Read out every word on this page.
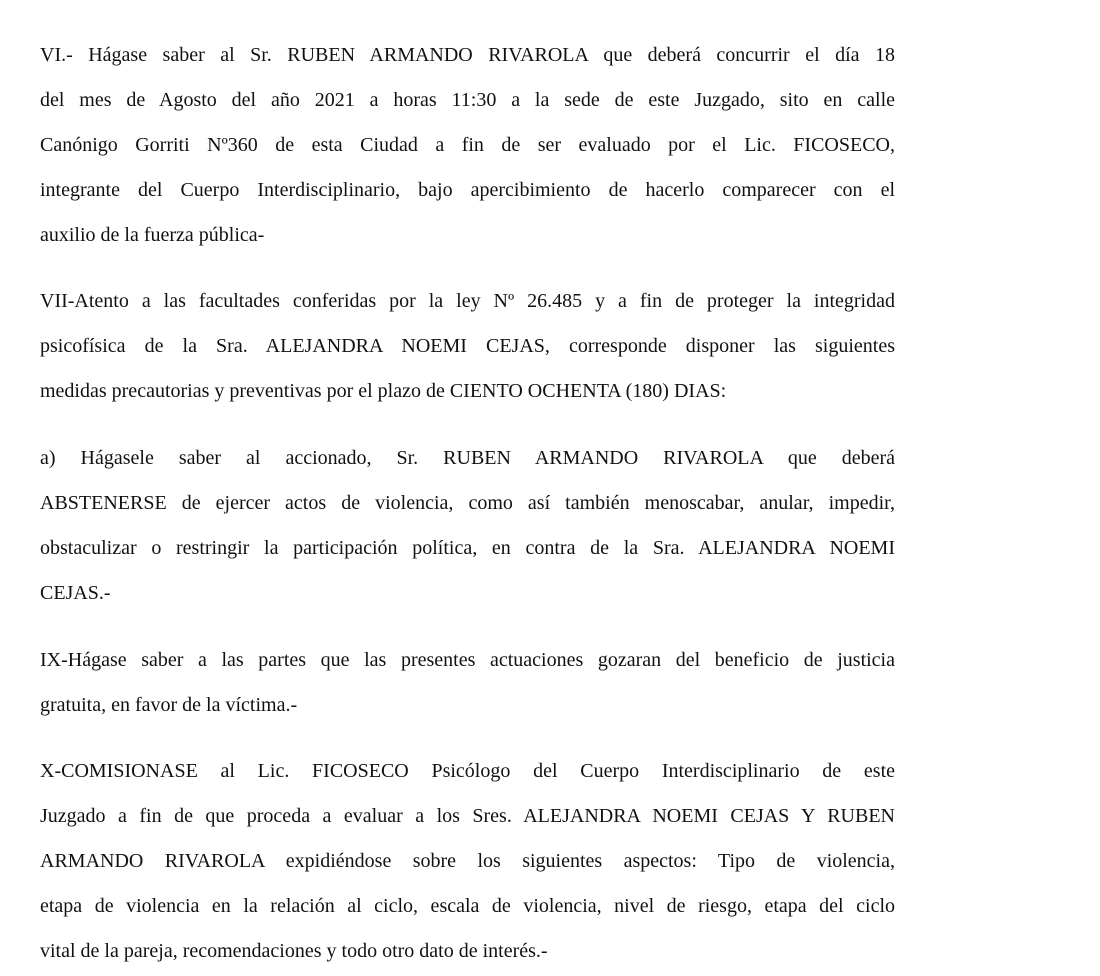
VI.- Hágase saber al Sr. RUBEN ARMANDO RIVAROLA que deberá concurrir el día 18
del mes de Agosto del año 2021 a horas 11:30 a la sede de este Juzgado, sito en calle
Canónigo Gorriti Nº360 de esta Ciudad a fin de ser evaluado por el Lic. FICOSECO,
integrante del Cuerpo Interdisciplinario, bajo apercibimiento de hacerlo comparecer con el
auxilio de la fuerza pública-
VII-Atento a las facultades conferidas por la ley Nº 26.485 y a fin de proteger la integridad
psicofísica de la Sra. ALEJANDRA NOEMI CEJAS, corresponde disponer las siguientes
medidas precautorias y preventivas por el plazo de CIENTO OCHENTA (180) DIAS:
a) Hágasele saber al accionado, Sr. RUBEN ARMANDO RIVAROLA que deberá
ABSTENERSE de ejercer actos de violencia, como así también menoscabar, anular, impedir,
obstaculizar o restringir la participación política, en contra de la Sra. ALEJANDRA NOEMI
CEJAS.-
IX-Hágase saber a las partes que las presentes actuaciones gozaran del beneficio de justicia
gratuita, en favor de la víctima.-
X-COMISIONASE al Lic. FICOSECO Psicólogo del Cuerpo Interdisciplinario de este
Juzgado a fin de que proceda a evaluar a los Sres. ALEJANDRA NOEMI CEJAS Y RUBEN
ARMANDO RIVAROLA expidiéndose sobre los siguientes aspectos: Tipo de violencia,
etapa de violencia en la relación al ciclo, escala de violencia, nivel de riesgo, etapa del ciclo
vital de la pareja, recomendaciones y todo otro dato de interés.-
